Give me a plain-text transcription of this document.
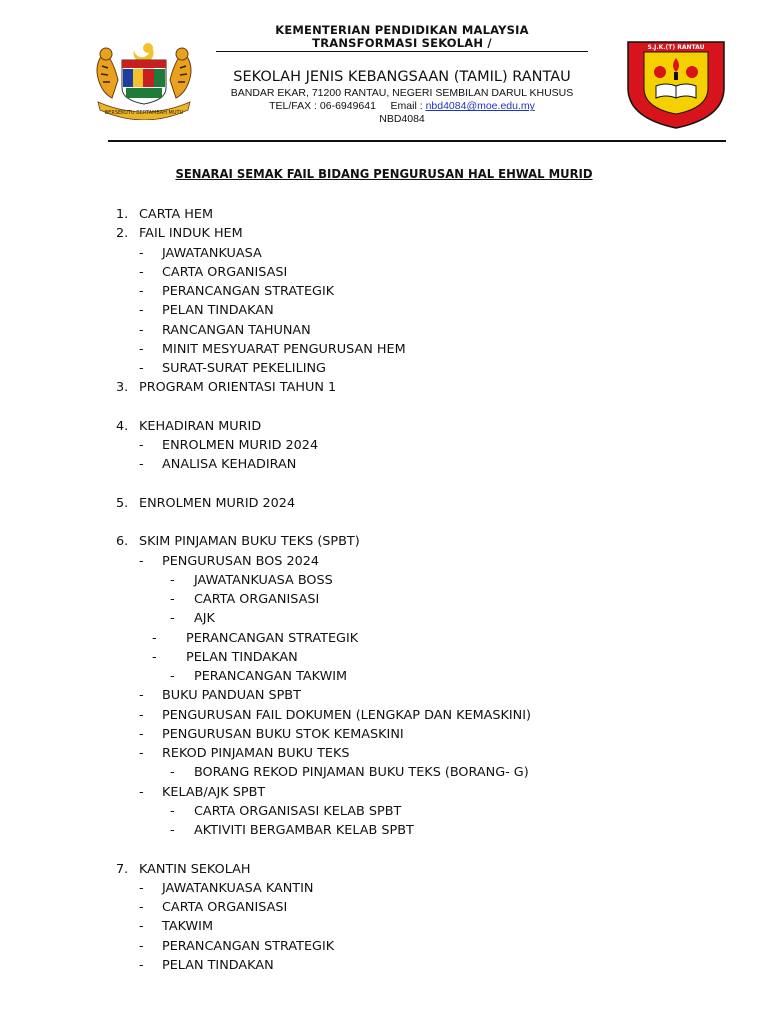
BERSEKUTU BERTAMBAH MUTU
S.J.K.(T) RANTAU
KEMENTERIAN PENDIDIKAN MALAYSIA
TRANSFORMASI SEKOLAH /
SEKOLAH JENIS KEBANGSAAN (TAMIL) RANTAU
BANDAR EKAR, 71200 RANTAU, NEGERI SEMBILAN DARUL KHUSUS
TEL/FAX : 06-6949641 Email : nbd4084@moe.edu.my
NBD4084
SENARAI SEMAK FAIL BIDANG PENGURUSAN HAL EHWAL MURID
1. CARTA HEM
2. FAIL INDUK HEM
- JAWATANKUASA
- CARTA ORGANISASI
- PERANCANGAN STRATEGIK
- PELAN TINDAKAN
- RANCANGAN TAHUNAN
- MINIT MESYUARAT PENGURUSAN HEM
- SURAT-SURAT PEKELILING
3. PROGRAM ORIENTASI TAHUN 1
4. KEHADIRAN MURID
- ENROLMEN MURID 2024
- ANALISA KEHADIRAN
5. ENROLMEN MURID 2024
6. SKIM PINJAMAN BUKU TEKS (SPBT)
- PENGURUSAN BOS 2024
- JAWATANKUASA BOSS
- CARTA ORGANISASI
- AJK
- PERANCANGAN STRATEGIK
- PELAN TINDAKAN
- PERANCANGAN TAKWIM
- BUKU PANDUAN SPBT
- PENGURUSAN FAIL DOKUMEN (LENGKAP DAN KEMASKINI)
- PENGURUSAN BUKU STOK KEMASKINI
- REKOD PINJAMAN BUKU TEKS
- BORANG REKOD PINJAMAN BUKU TEKS (BORANG- G)
- KELAB/AJK SPBT
- CARTA ORGANISASI KELAB SPBT
- AKTIVITI BERGAMBAR KELAB SPBT
7. KANTIN SEKOLAH
- JAWATANKUASA KANTIN
- CARTA ORGANISASI
- TAKWIM
- PERANCANGAN STRATEGIK
- PELAN TINDAKAN
